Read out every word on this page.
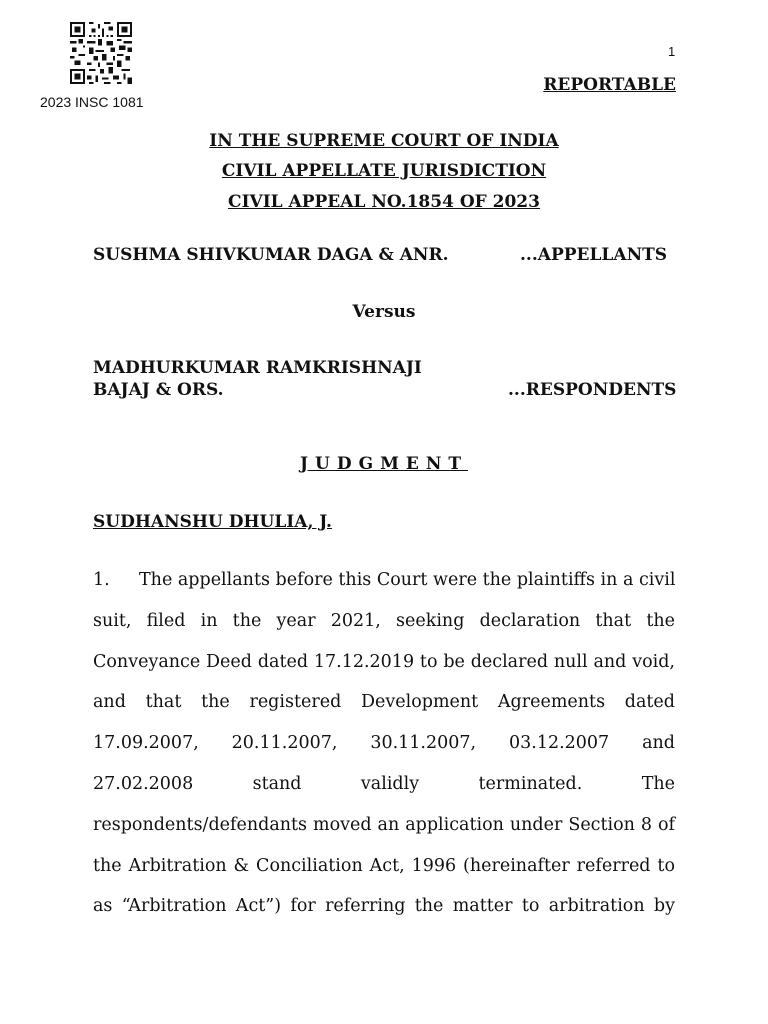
2023 INSC 1081
1
REPORTABLE
IN THE SUPREME COURT OF INDIA
CIVIL APPELLATE JURISDICTION
CIVIL APPEAL NO.1854 OF 2023
SUSHMA SHIVKUMAR DAGA & ANR.	...APPELLANTS
Versus
MADHURKUMAR RAMKRISHNAJI
BAJAJ & ORS.	...RESPONDENTS
JUDGMENT
SUDHANSHU DHULIA, J.
1. The appellants before this Court were the plaintiffs in a civil
suit, filed in the year 2021, seeking declaration that the
Conveyance Deed dated 17.12.2019 to be declared null and void,
and that the registered Development Agreements dated
17.09.2007, 20.11.2007, 30.11.2007, 03.12.2007 and
27.02.2008 stand validly terminated. The
respondents/defendants moved an application under Section 8 of
the Arbitration & Conciliation Act, 1996 (hereinafter referred to
as “Arbitration Act”) for referring the matter to arbitration by
